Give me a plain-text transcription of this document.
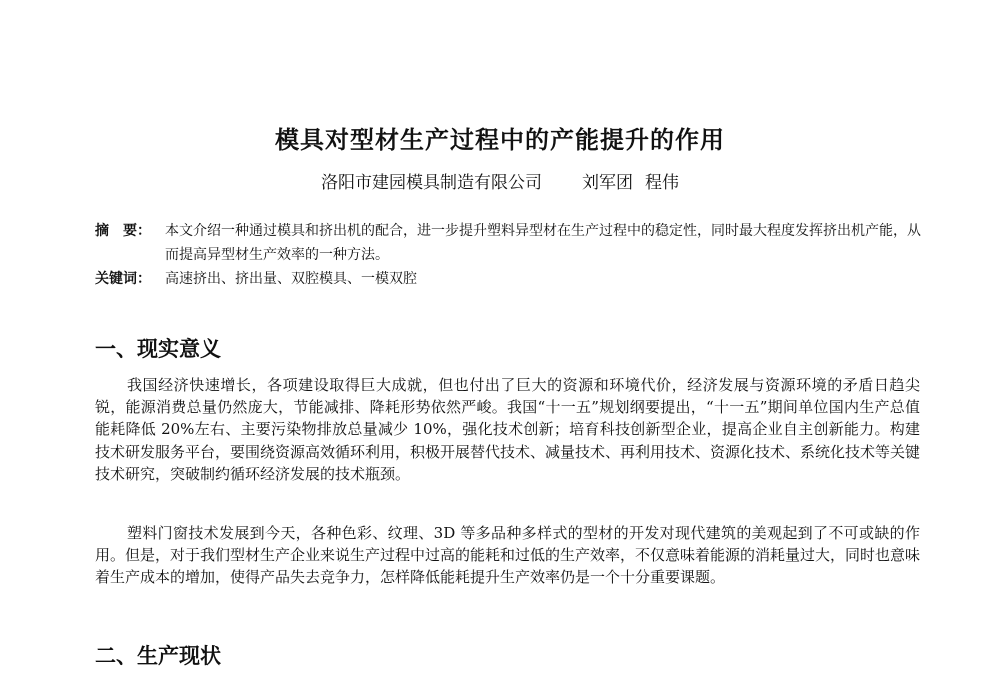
模具对型材生产过程中的产能提升的作用
洛阳市建园模具制造有限公司 刘军团 程伟
摘　要：	本文介绍一种通过模具和挤出机的配合，进一步提升塑料异型材在生产过程中的稳定性，同时最大程度发挥挤出机产能，从而提高异型材生产效率的一种方法。
关键词：	高速挤出、挤出量、双腔模具、一模双腔
一、现实意义

我国经济快速增长，各项建设取得巨大成就，但也付出了巨大的资源和环境代价，经济发展与资源环境的矛盾日趋尖锐，能源消费总量仍然庞大，节能减排、降耗形势依然严峻。我国“十一五”规划纲要提出，“十一五”期间单位国内生产总值能耗降低 20%左右、主要污染物排放总量减少 10%，强化技术创新；培育科技创新型企业，提高企业自主创新能力。构建技术研发服务平台，要围绕资源高效循环利用，积极开展替代技术、减量技术、再利用技术、资源化技术、系统化技术等关键技术研究，突破制约循环经济发展的技术瓶颈。

塑料门窗技术发展到今天，各种色彩、纹理、3D 等多品种多样式的型材的开发对现代建筑的美观起到了不可或缺的作用。但是，对于我们型材生产企业来说生产过程中过高的能耗和过低的生产效率，不仅意味着能源的消耗量过大，同时也意味着生产成本的增加，使得产品失去竞争力，怎样降低能耗提升生产效率仍是一个十分重要课题。

二、生产现状
